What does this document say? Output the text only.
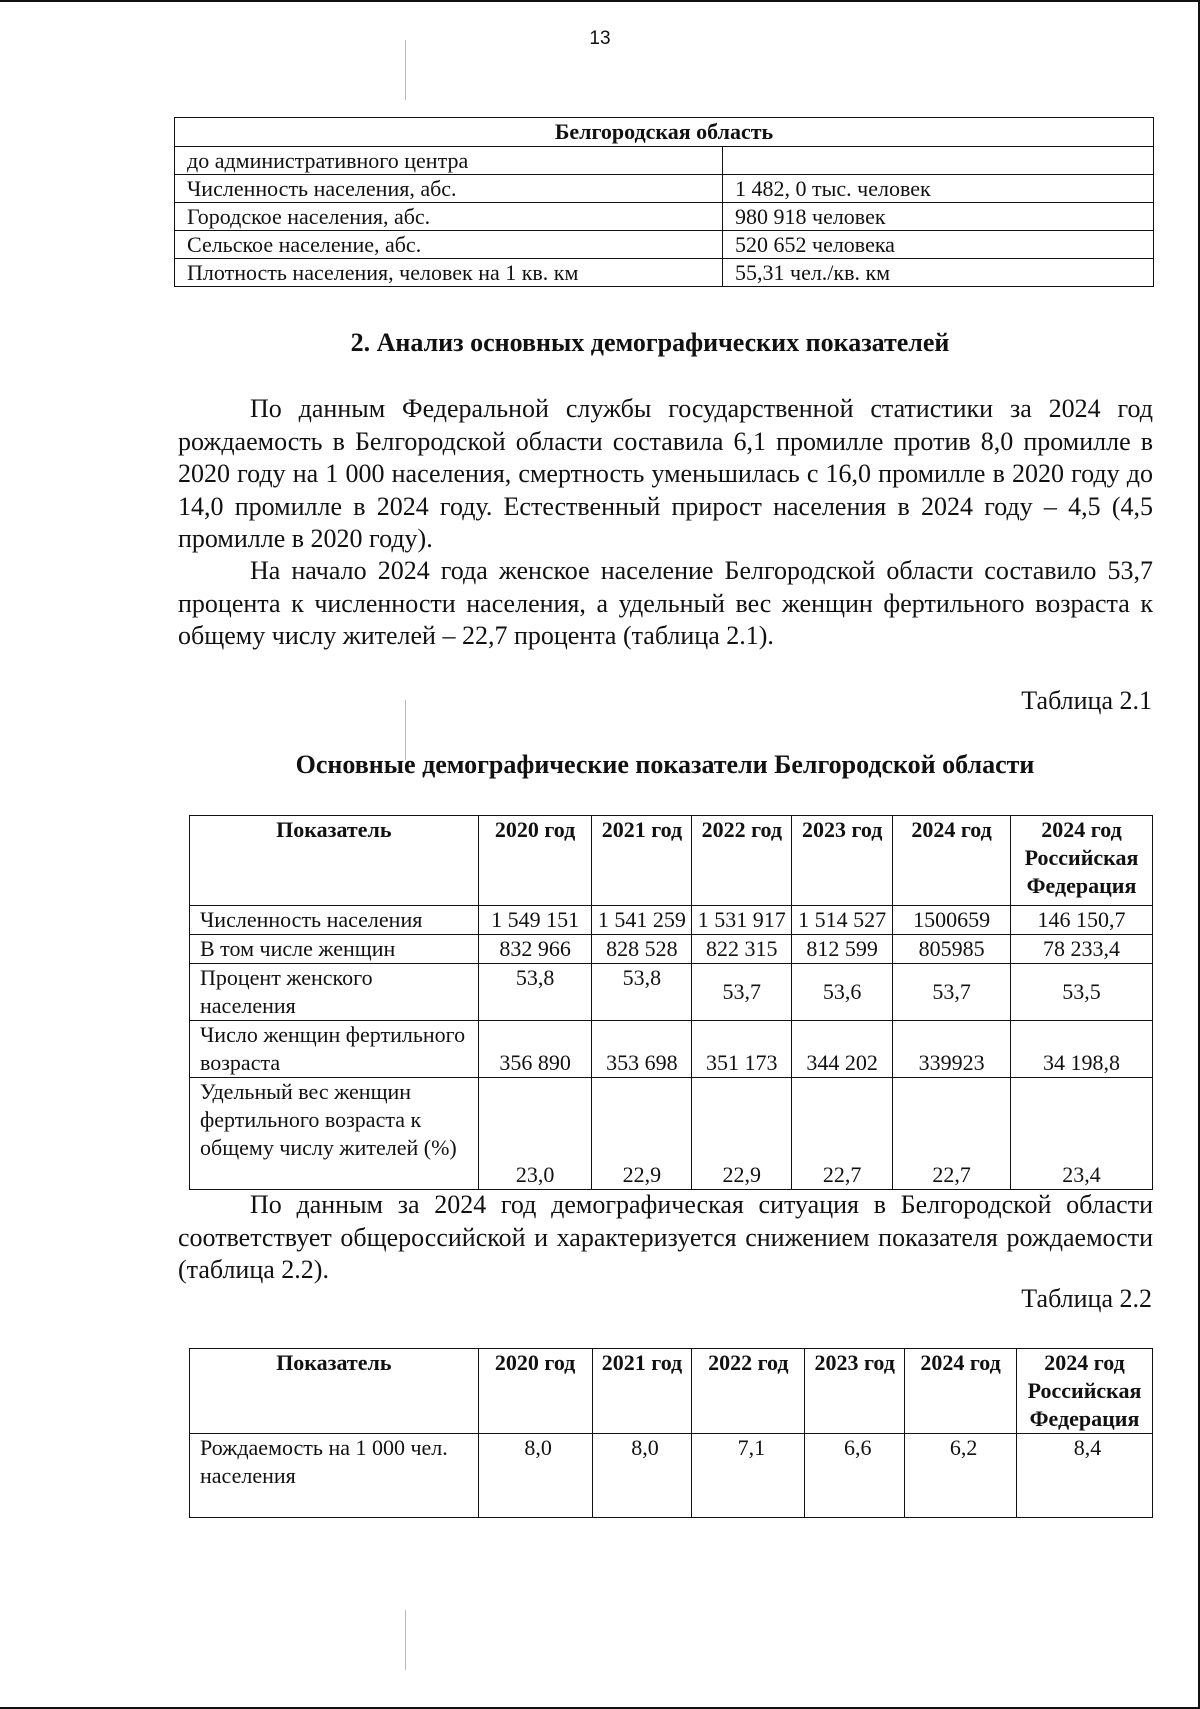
13
Белгородская область	
до административного центра	
Численность населения, абс.	1 482, 0 тыс. человек
Городское населения, абс.	980 918 человек
Сельское население, абс.	520 652 человека
Плотность населения, человек на 1 кв. км	55,31 чел./кв. км
2. Анализ основных демографических показателей
По данным Федеральной службы государственной статистики за 2024 год рождаемость в Белгородской области составила 6,1 промилле против 8,0 промилле в 2020 году на 1 000 населения, смертность уменьшилась с 16,0 промилле в 2020 году до 14,0 промилле в 2024 году. Естественный прирост населения в 2024 году – 4,5 (4,5 промилле в 2020 году).
На начало 2024 года женское население Белгородской области составило 53,7 процента к численности населения, а удельный вес женщин фертильного возраста к общему числу жителей – 22,7 процента (таблица 2.1).
Таблица 2.1
Основные демографические показатели Белгородской области
Показатель	2020 год	2021 год	2022 год	2023 год	2024 год	2024 год Российская Федерация
Численность населения	1 549 151	1 541 259	1 531 917	1 514 527	1500659	146 150,7
В том числе женщин	832 966	828 528	822 315	812 599	805985	78 233,4
Процент женского населения	53,8	53,8	53,7	53,6	53,7	53,5
Число женщин фертильного возраста	356 890	353 698	351 173	344 202	339923	34 198,8
Удельный вес женщин фертильного возраста к общему числу жителей (%)	23,0	22,9	22,9	22,7	22,7	23,4
По данным за 2024 год демографическая ситуация в Белгородской области соответствует общероссийской и характеризуется снижением показателя рождаемости (таблица 2.2).
Таблица 2.2
Показатель	2020 год	2021 год	2022 год	2023 год	2024 год	2024 год Российская Федерация
Рождаемость на 1 000 чел. населения	8,0	8,0	7,1	6,6	6,2	8,4
